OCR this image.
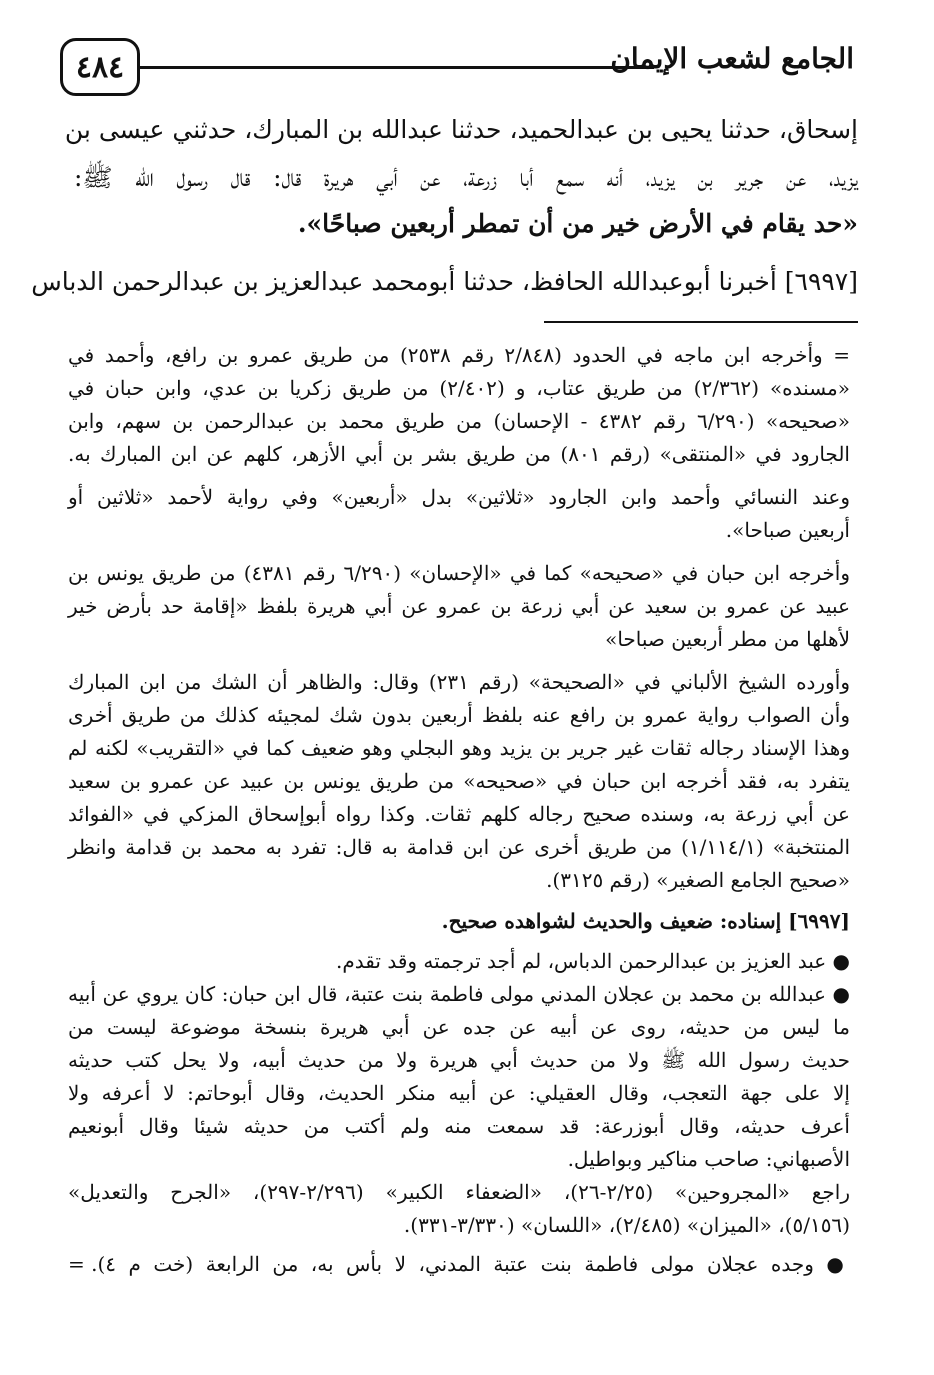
٤٨٤	الجامع لشعب الإيمان
إسحاق، حدثنا يحيى بن عبدالحميد، حدثنا عبدالله بن المبارك، حدثني عيسى بن
يزيد، عن جرير بن يزيد، أنه سمع أبا زرعة، عن أبي هريرة قال: قال رسول الله ﷺ:
«حد يقام في الأرض خير من أن تمطر أربعين صباحًا».
[٦٩٩٧] أخبرنا أبوعبدالله الحافظ، حدثنا أبومحمد عبدالعزيز بن عبدالرحمن الدباس
= وأخرجه ابن ماجه في الحدود (٢/٨٤٨ رقم ٢٥٣٨) من طريق عمرو بن رافع، وأحمد في
«مسنده» (٢/٣٦٢) من طريق عتاب، و (٢/٤٠٢) من طريق زكريا بن عدي، وابن حبان في
«صحيحه» (٦/٢٩٠ رقم ٤٣٨٢ - الإحسان) من طريق محمد بن عبدالرحمن بن سهم، وابن
الجارود في «المنتقى» (رقم ٨٠١) من طريق بشر بن أبي الأزهر، كلهم عن ابن المبارك به.
وعند النسائي وأحمد وابن الجارود «ثلاثين» بدل «أربعين» وفي رواية لأحمد «ثلاثين أو
أربعين صباحا».
وأخرجه ابن حبان في «صحيحه» كما في «الإحسان» (٦/٢٩٠ رقم ٤٣٨١) من طريق يونس بن
عبيد عن عمرو بن سعيد عن أبي زرعة بن عمرو عن أبي هريرة بلفظ «إقامة حد بأرض خير
لأهلها من مطر أربعين صباحا»
وأورده الشيخ الألباني في «الصحيحة» (رقم ٢٣١) وقال: والظاهر أن الشك من ابن المبارك
وأن الصواب رواية عمرو بن رافع عنه بلفظ أربعين بدون شك لمجيئه كذلك من طريق أخرى
وهذا الإسناد رجاله ثقات غير جرير بن يزيد وهو البجلي وهو ضعيف كما في «التقريب» لكنه لم
يتفرد به، فقد أخرجه ابن حبان في «صحيحه» من طريق يونس بن عبيد عن عمرو بن سعيد
عن أبي زرعة به، وسنده صحيح رجاله كلهم ثقات. وكذا رواه أبوإسحاق المزكي في «الفوائد
المنتخبة» (١/١١٤/١) من طريق أخرى عن ابن قدامة به قال: تفرد به محمد بن قدامة وانظر
«صحيح الجامع الصغير» (رقم ٣١٢٥).
[٦٩٩٧] إسناده: ضعيف والحديث لشواهده صحيح.
● عبد العزيز بن عبدالرحمن الدباس، لم أجد ترجمته وقد تقدم.
● عبدالله بن محمد بن عجلان المدني مولى فاطمة بنت عتبة، قال ابن حبان: كان يروي عن أبيه
ما ليس من حديثه، روى عن أبيه عن جده عن أبي هريرة بنسخة موضوعة ليست من
حديث رسول الله ﷺ ولا من حديث أبي هريرة ولا من حديث أبيه، ولا يحل كتب حديثه
إلا على جهة التعجب، وقال العقيلي: عن أبيه منكر الحديث، وقال أبوحاتم: لا أعرفه ولا
أعرف حديثه، وقال أبوزرعة: قد سمعت منه ولم أكتب من حديثه شيئا وقال أبونعيم
الأصبهاني: صاحب مناكير وبواطيل.
راجع «المجروحين» (٢/٢٥-٢٦)، «الضعفاء الكبير» (٢/٢٩٦-٢٩٧)، «الجرح والتعديل»
(٥/١٥٦)، «الميزان» (٢/٤٨٥)، «اللسان» (٣/٣٣٠-٣٣١).
● وجده عجلان مولى فاطمة بنت عتبة المدني، لا بأس به، من الرابعة (خت م ٤). =
